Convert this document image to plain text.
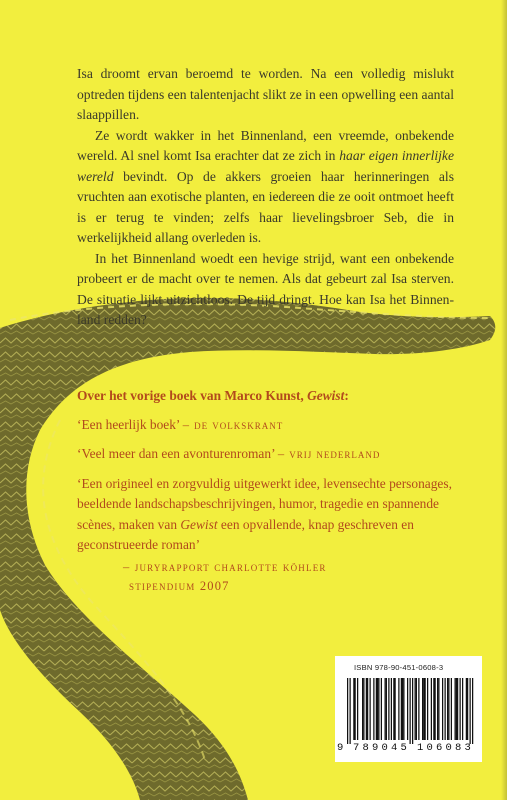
Isa droomt ervan beroemd te worden. Na een volledig mislukt optreden tijdens een talentenjacht slikt ze in een opwelling een aantal slaappillen.

Ze wordt wakker in het Binnenland, een vreemde, onbekende wereld. Al snel komt Isa erachter dat ze zich in haar eigen innerlijke wereld bevindt. Op de akkers groeien haar herinneringen als vruchten aan exotische planten, en iedereen die ze ooit ontmoet heeft is er terug te vinden; zelfs haar lievelingsbroer Seb, die in werkelijkheid allang overleden is.

In het Binnenland woedt een hevige strijd, want een onbekende probeert er de macht over te nemen. Als dat gebeurt zal Isa sterven. De situatie lijkt uitzichtloos. De tijd dringt. Hoe kan Isa het Binnenland redden?

Over het vorige boek van Marco Kunst, Gewist:

‘Een heerlijk boek’ – de volkskrant

‘Veel meer dan een avonturenroman’ – vrij nederland

‘Een origineel en zorgvuldig uitgewerkt idee, levensechte personages, beeldende landschapsbeschrijvingen, humor, tragedie en spannende scènes, maken van Gewist een opvallende, knap geschreven en geconstrueerde roman’

– juryrapport charlotte köhler
stipendium 2007
ISBN 978-90-451-0608-3
9 789045 106083
